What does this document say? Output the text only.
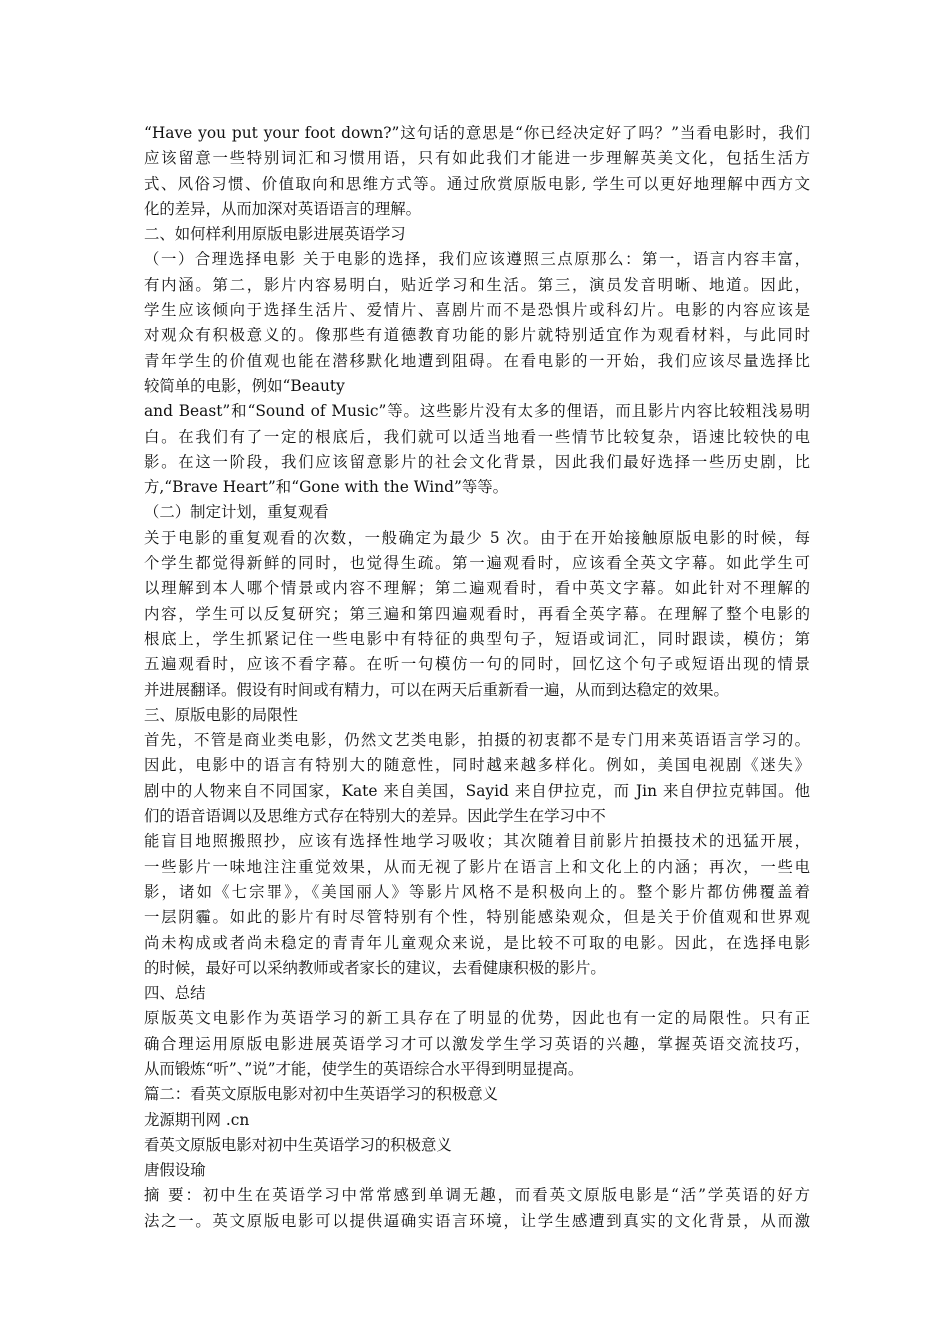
“Have you put your foot down?”这句话的意思是“你已经决定好了吗？”当看电影时，我们
应该留意一些特别词汇和习惯用语，只有如此我们才能进一步理解英美文化，包括生活方
式、风俗习惯、价值取向和思维方式等。通过欣赏原版电影, 学生可以更好地理解中西方文
化的差异，从而加深对英语语言的理解。
二、如何样利用原版电影进展英语学习
（一）合理选择电影 关于电影的选择，我们应该遵照三点原那么：第一，语言内容丰富，
有内涵。第二，影片内容易明白，贴近学习和生活。第三，演员发音明晰、地道。因此，
学生应该倾向于选择生活片、爱情片、喜剧片而不是恐惧片或科幻片。电影的内容应该是
对观众有积极意义的。像那些有道德教育功能的影片就特别适宜作为观看材料，与此同时
青年学生的价值观也能在潜移默化地遭到阻碍。在看电影的一开始，我们应该尽量选择比
较简单的电影，例如“Beauty
and Beast”和“Sound of Music”等。这些影片没有太多的俚语，而且影片内容比较粗浅易明
白。在我们有了一定的根底后，我们就可以适当地看一些情节比较复杂，语速比较快的电
影。在这一阶段，我们应该留意影片的社会文化背景，因此我们最好选择一些历史剧，比
方,“Brave Heart”和“Gone with the Wind”等等。
（二）制定计划，重复观看
关于电影的重复观看的次数，一般确定为最少 5 次。由于在开始接触原版电影的时候，每
个学生都觉得新鲜的同时，也觉得生疏。第一遍观看时，应该看全英文字幕。如此学生可
以理解到本人哪个情景或内容不理解；第二遍观看时，看中英文字幕。如此针对不理解的
内容，学生可以反复研究；第三遍和第四遍观看时，再看全英字幕。在理解了整个电影的
根底上，学生抓紧记住一些电影中有特征的典型句子，短语或词汇，同时跟读，模仿；第
五遍观看时，应该不看字幕。在听一句模仿一句的同时，回忆这个句子或短语出现的情景
并进展翻译。假设有时间或有精力，可以在两天后重新看一遍，从而到达稳定的效果。
三、原版电影的局限性
首先，不管是商业类电影，仍然文艺类电影，拍摄的初衷都不是专门用来英语语言学习的。
因此，电影中的语言有特别大的随意性，同时越来越多样化。例如，美国电视剧《迷失》
剧中的人物来自不同国家，Kate 来自美国，Sayid 来自伊拉克，而 Jin 来自伊拉克韩国。他
们的语音语调以及思维方式存在特别大的差异。因此学生在学习中不
能盲目地照搬照抄，应该有选择性地学习吸收；其次随着目前影片拍摄技术的迅猛开展，
一些影片一味地注注重觉效果，从而无视了影片在语言上和文化上的内涵；再次，一些电
影，诸如《七宗罪》，《美国丽人》等影片风格不是积极向上的。整个影片都仿佛覆盖着
一层阴霾。如此的影片有时尽管特别有个性，特别能感染观众，但是关于价值观和世界观
尚未构成或者尚未稳定的青青年儿童观众来说，是比较不可取的电影。因此，在选择电影
的时候，最好可以采纳教师或者家长的建议，去看健康积极的影片。
四、总结
原版英文电影作为英语学习的新工具存在了明显的优势，因此也有一定的局限性。只有正
确合理运用原版电影进展英语学习才可以激发学生学习英语的兴趣，掌握英语交流技巧，
从而锻炼“听”、”说”才能，使学生的英语综合水平得到明显提高。
篇二：看英文原版电影对初中生英语学习的积极意义
龙源期刊网 .cn
看英文原版电影对初中生英语学习的积极意义
唐假设瑜
摘 要：初中生在英语学习中常常感到单调无趣，而看英文原版电影是“活”学英语的好方
法之一。英文原版电影可以提供逼确实语言环境，让学生感遭到真实的文化背景，从而激
